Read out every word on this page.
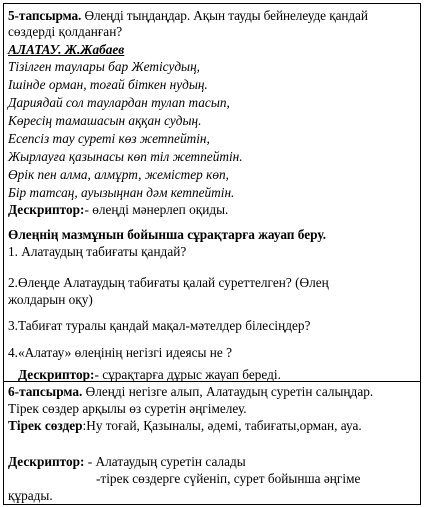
5-тапсырма. Өлеңді тыңдаңдар. Ақын тауды бейнелеуде қандай
сөздерді қолданған?
АЛАТАУ. Ж.Жабаев
Тізілген таулары бар Жетісудың,
Ішінде орман, тоғай біткен нудың.
Дариядай сол таулардан тулап тасып,
Көресің тамашасын аққан судың.
Есепсіз тау суреті көз жетпейтін,
Жырлауға қазынасы көп тіл жетпейтін.
Өрік пен алма, алмұрт, жемістер көп,
Бір татсаң, ауызыңнан дәм кетпейтін.
Дескриптор:- өлеңді мәнерлеп оқиды.
Өлеңнің мазмұнын бойынша сұрақтарға жауап беру.
1. Алатаудың табиғаты қандай?
2.Өлеңде Алатаудың табиғаты қалай суреттелген? (Өлең
жолдарын оқу)
3.Табиғат туралы қандай мақал-мәтелдер білесіңдер?
4.«Алатау» өлеңінің негізгі идеясы не ?
Дескриптор:- сұрақтарға дұрыс жауап береді.
6-тапсырма. Өлеңді негізге алып, Алатаудың суретін салыңдар.
Тірек сөздер арқылы өз суретін әңгімелеу.
Тірек сөздер:Ну тоғай, Қазыналы, әдемі, табиғаты,орман, ауа.
Дескриптор: - Алатаудың суретін салады
-тірек сөздерге сүйеніп, сурет бойынша әңгіме
құрады.
